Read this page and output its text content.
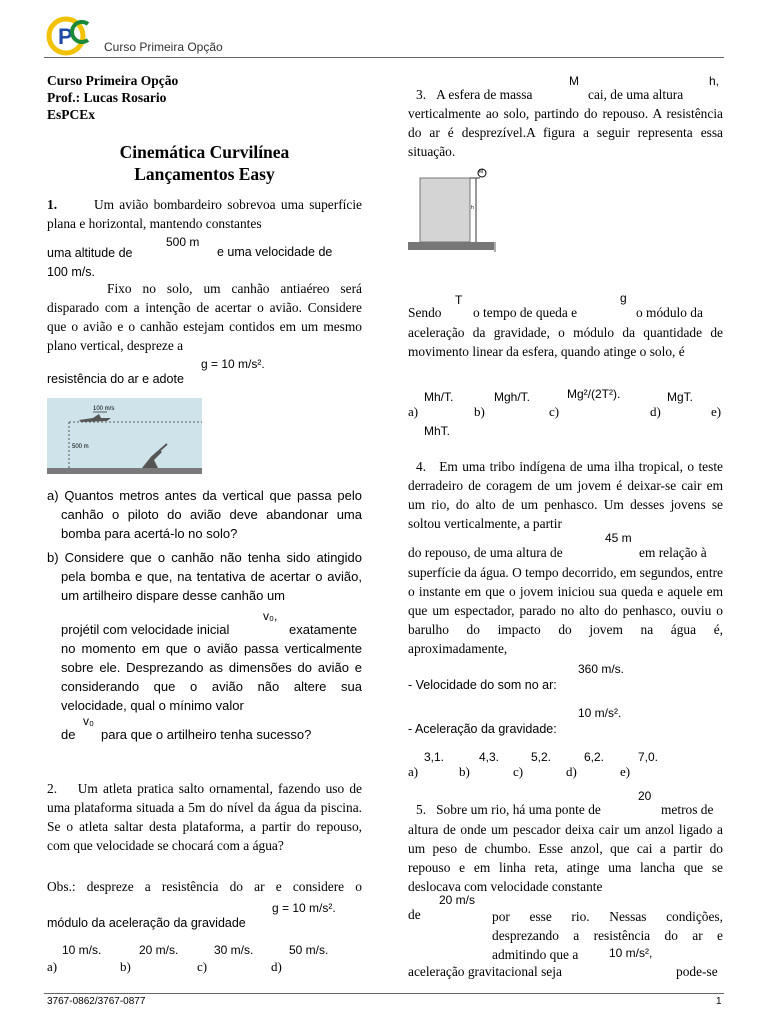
P	Curso Primeira Opção
Curso Primeira Opção
Prof.: Lucas Rosario
EsPCEx
Cinemática Curvilínea
Lançamentos Easy

1.	Um avião bombardeiro sobrevoa uma superfície plana e horizontal, mantendo constantes

500 m
uma altitude de	e uma velocidade de
100 m/s.

Fixo no solo, um canhão antiaéreo será disparado com a intenção de acertar o avião. Considere que o avião e o canhão estejam contidos em um mesmo plano vertical, despreze a

g = 10 m/s².
resistência do ar e adote
100 m/s
500 m

a) Quantos metros antes da vertical que passa pelo canhão o piloto do avião deve abandonar uma bomba para acertá-lo no solo?

b) Considere que o canhão não tenha sido atingido pela bomba e que, na tentativa de acertar o avião, um artilheiro dispare desse canhão um

v₀,
projétil com velocidade inicial	exatamente no momento em que o avião passa verticalmente sobre ele. Desprezando as dimensões do avião e considerando que o avião não altere sua velocidade, qual o mínimo valor

v₀
de para que o artilheiro tenha sucesso?

2. Um atleta pratica salto ornamental, fazendo uso de uma plataforma situada a 5m do nível da água da piscina. Se o atleta saltar desta plataforma, a partir do repouso, com que velocidade se chocará com a água?

Obs.: despreze a resistência do ar e considere o
g = 10 m/s².
módulo da aceleração da gravidade
10 m/s.	20 m/s.	30 m/s.	50 m/s.
a)	b)	c)	d)
M	h,
3. A esfera de massa	cai, de uma altura

verticalmente ao solo, partindo do repouso. A resistência do ar é desprezível.A figura a seguir representa essa situação.

M
h
T	g
Sendo o tempo de queda e	o módulo da

aceleração da gravidade, o módulo da quantidade de movimento linear da esfera, quando atinge o solo, é

Mh/T.	Mgh/T.	Mg²/(2T²).	MgT.
a)	b)	c)	d)	e)
MhT.

4. Em uma tribo indígena de uma ilha tropical, o teste derradeiro de coragem de um jovem é deixar-se cair em um rio, do alto de um penhasco. Um desses jovens se soltou verticalmente, a partir

45 m
do repouso, de uma altura de	em relação à

superfície da água. O tempo decorrido, em segundos, entre o instante em que o jovem iniciou sua queda e aquele em que um espectador, parado no alto do penhasco, ouviu o barulho do impacto do jovem na água é, aproximadamente,

360 m/s.
- Velocidade do som no ar:
10 m/s².
- Aceleração da gravidade:
3,1.	4,3.	5,2.	6,2.	7,0.
a)	b)	c)	d)	e)
20
5. Sobre um rio, há uma ponte de	metros de

altura de onde um pescador deixa cair um anzol ligado a um peso de chumbo. Esse anzol, que cai a partir do repouso e em linha reta, atinge uma lancha que se deslocava com velocidade constante

20 m/s
de	por esse rio. Nessas condições, desprezando a resistência do ar e admitindo que a	10 m/s²,
aceleração gravitacional seja	pode-se
3767-0862/3767-0877	1
